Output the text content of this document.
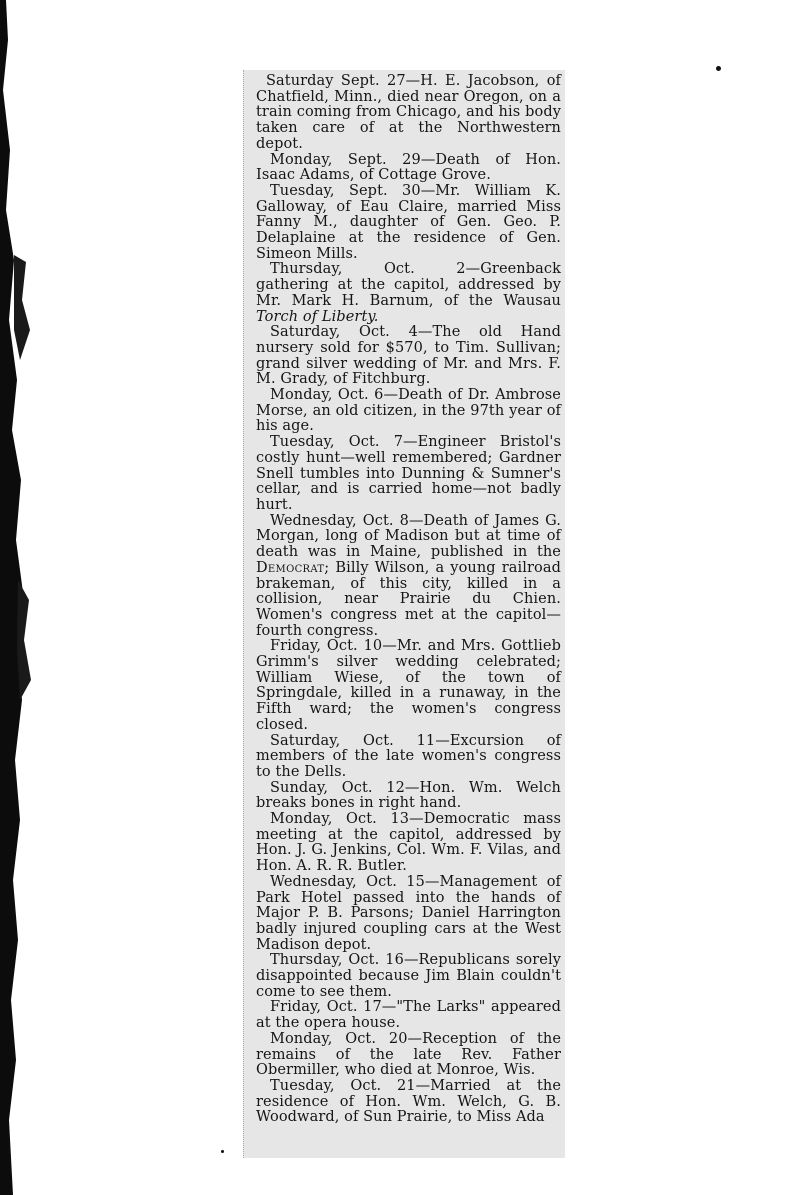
Saturday Sept. 27—H. E. Jacobson, of Chatfield, Minn., died near Oregon, on a train coming from Chicago, and his body taken care of at the Northwestern depot.

Monday, Sept. 29—Death of Hon. Isaac Adams, of Cottage Grove.

Tuesday, Sept. 30—Mr. William K. Galloway, of Eau Claire, married Miss Fanny M., daughter of Gen. Geo. P. Delaplaine at the residence of Gen. Simeon Mills.

Thursday, Oct. 2—Greenback gathering at the capitol, addressed by Mr. Mark H. Barnum, of the Wausau Torch of Liberty.

Saturday, Oct. 4—The old Hand nursery sold for $570, to Tim. Sullivan; grand silver wedding of Mr. and Mrs. F. M. Grady, of Fitchburg.

Monday, Oct. 6—Death of Dr. Ambrose Morse, an old citizen, in the 97th year of his age.

Tuesday, Oct. 7—Engineer Bristol's costly hunt—well remembered; Gardner Snell tumbles into Dunning & Sumner's cellar, and is carried home—not badly hurt.

Wednesday, Oct. 8—Death of James G. Morgan, long of Madison but at time of death was in Maine, published in the Democrat; Billy Wilson, a young railroad brakeman, of this city, killed in a collision, near Prairie du Chien. Women's congress met at the capitol—fourth congress.

Friday, Oct. 10—Mr. and Mrs. Gottlieb Grimm's silver wedding celebrated; William Wiese, of the town of Springdale, killed in a runaway, in the Fifth ward; the women's congress closed.

Saturday, Oct. 11—Excursion of members of the late women's congress to the Dells.

Sunday, Oct. 12—Hon. Wm. Welch breaks bones in right hand.

Monday, Oct. 13—Democratic mass meeting at the capitol, addressed by Hon. J. G. Jenkins, Col. Wm. F. Vilas, and Hon. A. R. R. Butler.

Wednesday, Oct. 15—Management of Park Hotel passed into the hands of Major P. B. Parsons; Daniel Harrington badly injured coupling cars at the West Madison depot.

Thursday, Oct. 16—Republicans sorely disappointed because Jim Blain couldn't come to see them.

Friday, Oct. 17—"The Larks" appeared at the opera house.

Monday, Oct. 20—Reception of the remains of the late Rev. Father Obermiller, who died at Monroe, Wis.

Tuesday, Oct. 21—Married at the residence of Hon. Wm. Welch, G. B. Woodward, of Sun Prairie, to Miss Ada
